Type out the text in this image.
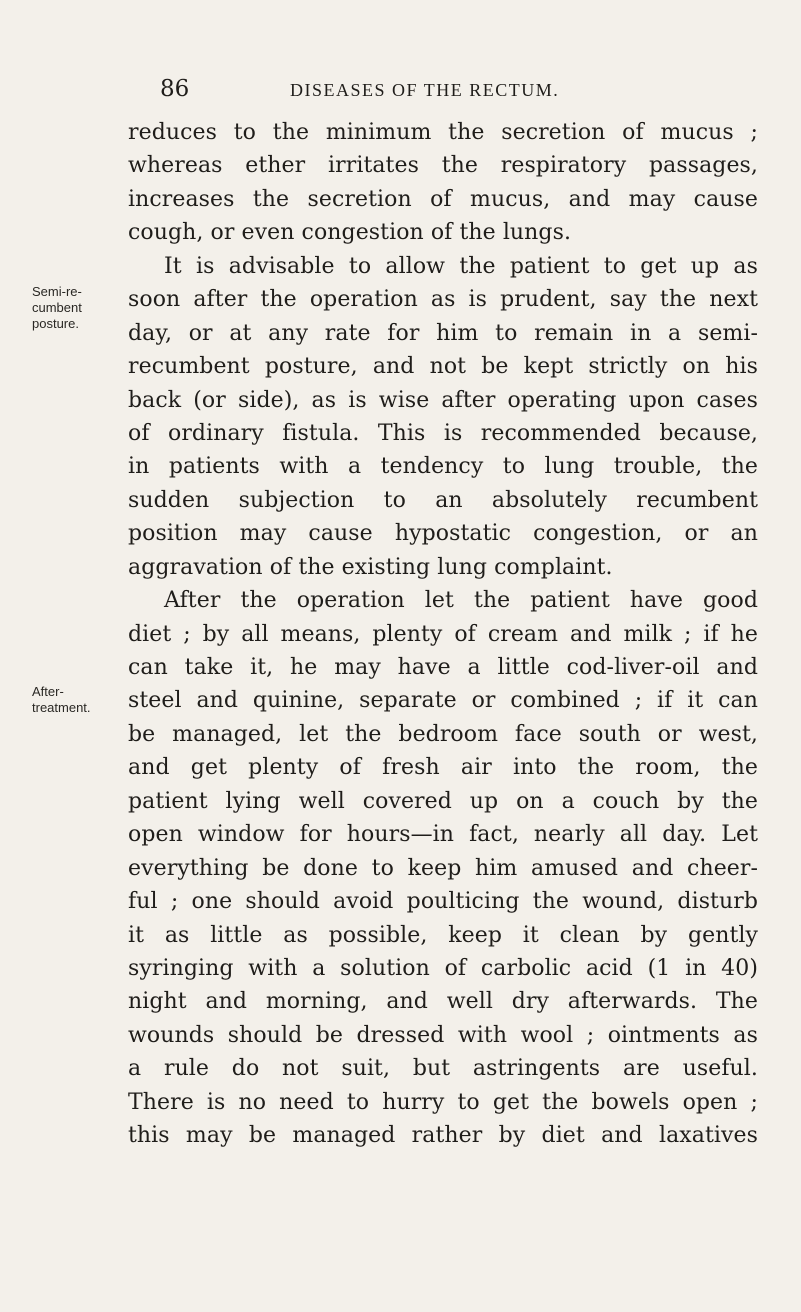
86	DISEASES OF THE RECTUM.
Semi-re-
cumbent
posture.
After-
treatment.
reduces to the minimum the secretion of mucus ;
whereas ether irritates the respiratory passages,
increases the secretion of mucus, and may cause
cough, or even congestion of the lungs.
It is advisable to allow the patient to get up as
soon after the operation as is prudent, say the next
day, or at any rate for him to remain in a semi-
recumbent posture, and not be kept strictly on his
back (or side), as is wise after operating upon cases
of ordinary fistula. This is recommended because,
in patients with a tendency to lung trouble, the
sudden subjection to an absolutely recumbent
position may cause hypostatic congestion, or an
aggravation of the existing lung complaint.
After the operation let the patient have good
diet ; by all means, plenty of cream and milk ; if he
can take it, he may have a little cod-liver-oil and
steel and quinine, separate or combined ; if it can
be managed, let the bedroom face south or west,
and get plenty of fresh air into the room, the
patient lying well covered up on a couch by the
open window for hours—in fact, nearly all day. Let
everything be done to keep him amused and cheer-
ful ; one should avoid poulticing the wound, disturb
it as little as possible, keep it clean by gently
syringing with a solution of carbolic acid (1 in 40)
night and morning, and well dry afterwards. The
wounds should be dressed with wool ; ointments as
a rule do not suit, but astringents are useful.
There is no need to hurry to get the bowels open ;
this may be managed rather by diet and laxatives
